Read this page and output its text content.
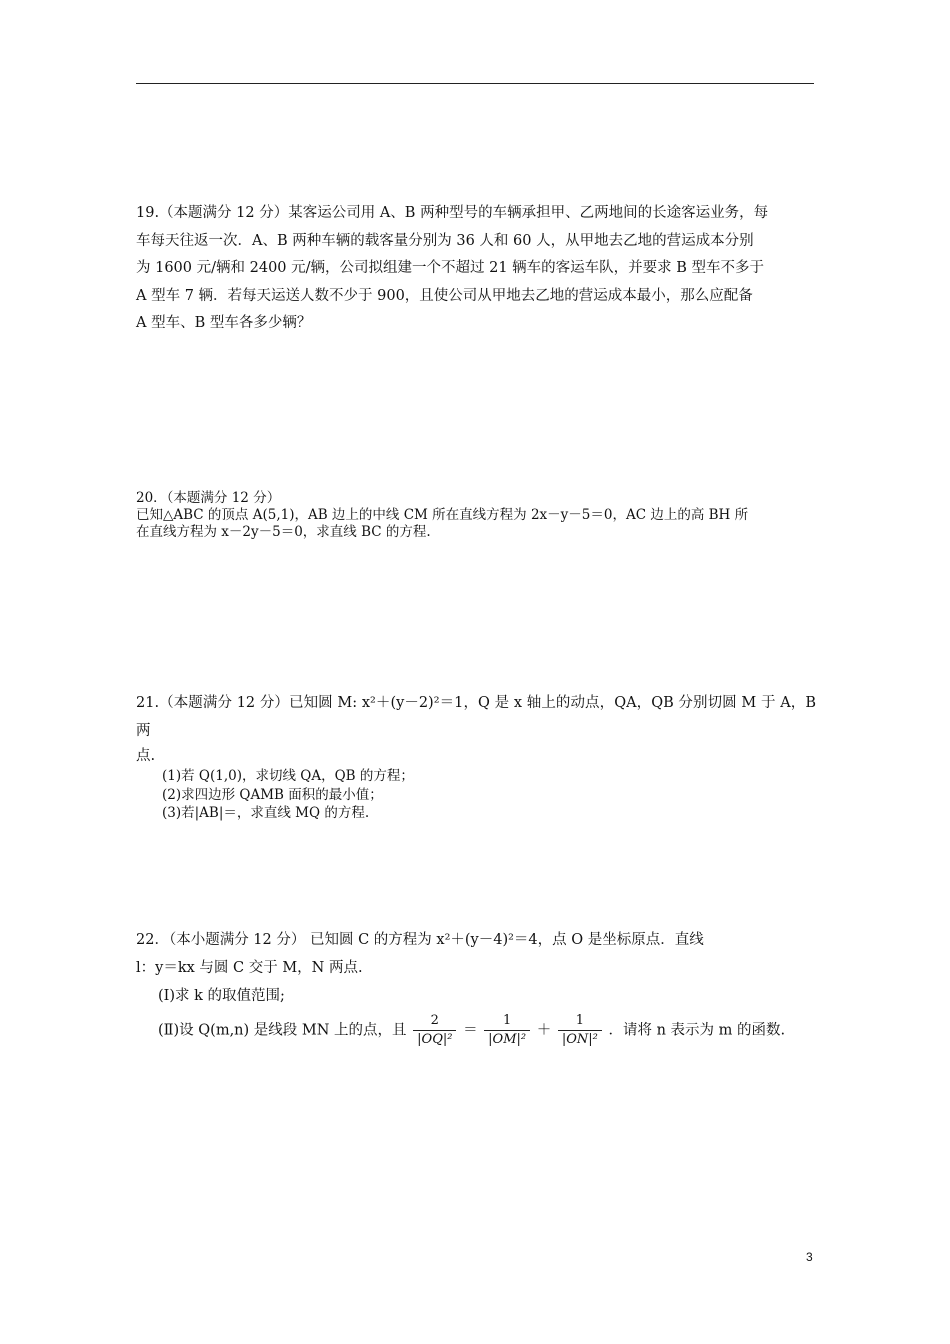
19.（本题满分 12 分）某客运公司用 A、B 两种型号的车辆承担甲、乙两地间的长途客运业务，每

车每天往返一次．A、B 两种车辆的载客量分别为 36 人和 60 人，从甲地去乙地的营运成本分别

为 1600 元/辆和 2400 元/辆，公司拟组建一个不超过 21 辆车的客运车队，并要求 B 型车不多于

A 型车 7 辆．若每天运送人数不少于 900，且使公司从甲地去乙地的营运成本最小，那么应配备

A 型车、B 型车各多少辆？

20．（本题满分 12 分）

已知△ABC 的顶点 A(5,1)，AB 边上的中线 CM 所在直线方程为 2x－y－5＝0，AC 边上的高 BH 所

在直线方程为 x－2y－5＝0，求直线 BC 的方程.

21.（本题满分 12 分）已知圆 M: x²＋(y－2)²＝1，Q 是 x 轴上的动点，QA，QB 分别切圆 M 于 A，B 两

点.

(1)若 Q(1,0)，求切线 QA，QB 的方程；

(2)求四边形 QAMB 面积的最小值；

(3)若|AB|＝，求直线 MQ 的方程.

22．（本小题满分 12 分） 已知圆 C 的方程为 x²＋(y－4)²＝4，点 O 是坐标原点．直线

l：y＝kx 与圆 C 交于 M，N 两点.

(Ⅰ)求 k 的取值范围;

(Ⅱ)设 Q(m,n) 是线段 MN 上的点，且 $\frac{2}{\text{|OQ|²}} = \frac{1}{\text{|OM|²}} + \frac{1}{\text{|ON|²}}$ ．请将 n 表示为 m 的函数.
3
